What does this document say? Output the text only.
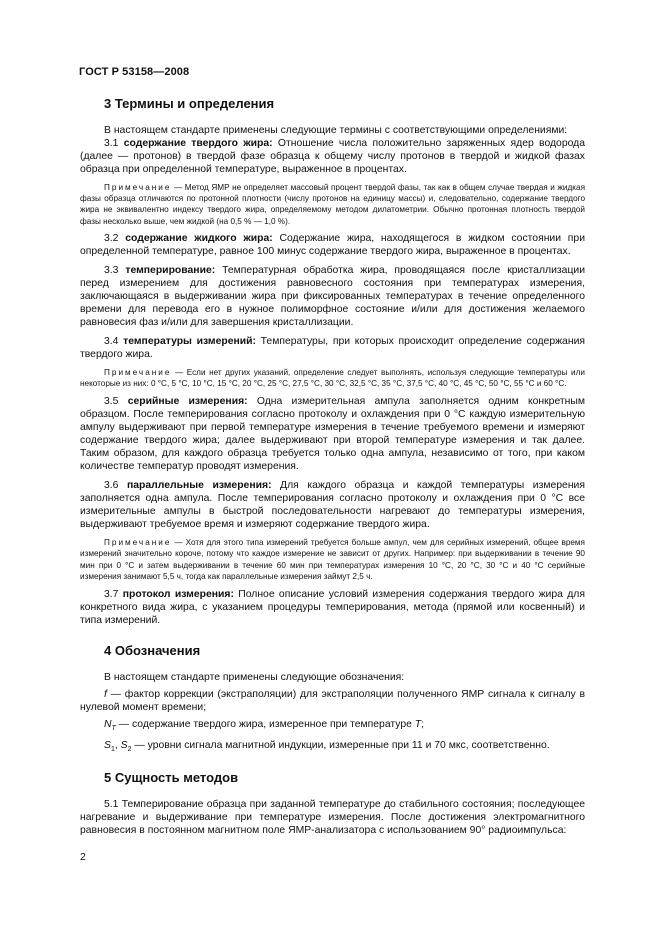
ГОСТ Р 53158—2008
3 Термины и определения

В настоящем стандарте применены следующие термины с соответствующими определениями:

3.1 содержание твердого жира: Отношение числа положительно заряженных ядер водорода (далее — протонов) в твердой фазе образца к общему числу протонов в твердой и жидкой фазах образца при определенной температуре, выраженное в процентах.

Примечание — Метод ЯМР не определяет массовый процент твердой фазы, так как в общем случае твердая и жидкая фазы образца отличаются по протонной плотности (числу протонов на единицу массы) и, следовательно, содержание твердого жира не эквивалентно индексу твердого жира, определяемому методом дилатометрии. Обычно протонная плотность твердой фазы несколько выше, чем жидкой (на 0,5 % — 1,0 %).

3.2 содержание жидкого жира: Содержание жира, находящегося в жидком состоянии при определенной температуре, равное 100 минус содержание твердого жира, выраженное в процентах.

3.3 темперирование: Температурная обработка жира, проводящаяся после кристаллизации перед измерением для достижения равновесного состояния при температурах измерения, заключающаяся в выдерживании жира при фиксированных температурах в течение определенного времени для перевода его в нужное полиморфное состояние и/или для достижения желаемого равновесия фаз и/или для завершения кристаллизации.

3.4 температуры измерений: Температуры, при которых происходит определение содержания твердого жира.

Примечание — Если нет других указаний, определение следует выполнять, используя следующие температуры или некоторые из них: 0 °С, 5 °С, 10 °С, 15 °С, 20 °С, 25 °С, 27,5 °С, 30 °С, 32,5 °С, 35 °С, 37,5 °С, 40 °С, 45 °С, 50 °С, 55 °С и 60 °С.

3.5 серийные измерения: Одна измерительная ампула заполняется одним конкретным образцом. После темперирования согласно протоколу и охлаждения при 0 °С каждую измерительную ампулу выдерживают при первой температуре измерения в течение требуемого времени и измеряют содержание твердого жира; далее выдерживают при второй температуре измерения и так далее. Таким образом, для каждого образца требуется только одна ампула, независимо от того, при каком количестве температур проводят измерения.

3.6 параллельные измерения: Для каждого образца и каждой температуры измерения заполняется одна ампула. После темперирования согласно протоколу и охлаждения при 0 °С все измерительные ампулы в быстрой последовательности нагревают до температуры измерения, выдерживают требуемое время и измеряют содержание твердого жира.

Примечание — Хотя для этого типа измерений требуется больше ампул, чем для серийных измерений, общее время измерений значительно короче, потому что каждое измерение не зависит от других. Например: при выдерживании в течение 90 мин при 0 °С и затем выдерживании в течение 60 мин при температурах измерения 10 °С, 20 °С, 30 °С и 40 °С серийные измерения занимают 5,5 ч, тогда как параллельные измерения займут 2,5 ч.

3.7 протокол измерения: Полное описание условий измерения содержания твердого жира для конкретного вида жира, с указанием процедуры темперирования, метода (прямой или косвенный) и типа измерений.

4 Обозначения

В настоящем стандарте применены следующие обозначения:

f — фактор коррекции (экстраполяции) для экстраполяции полученного ЯМР сигнала к сигналу в нулевой момент времени;

$N_T$ — содержание твердого жира, измеренное при температуре T;

$S_1$, $S_2$ — уровни сигнала магнитной индукции, измеренные при 11 и 70 мкс, соответственно.

5 Сущность методов

5.1 Темперирование образца при заданной температуре до стабильного состояния; последующее нагревание и выдерживание при температуре измерения. После достижения электромагнитного равновесия в постоянном магнитном поле ЯМР-анализатора с использованием 90° радиоимпульса:

2
